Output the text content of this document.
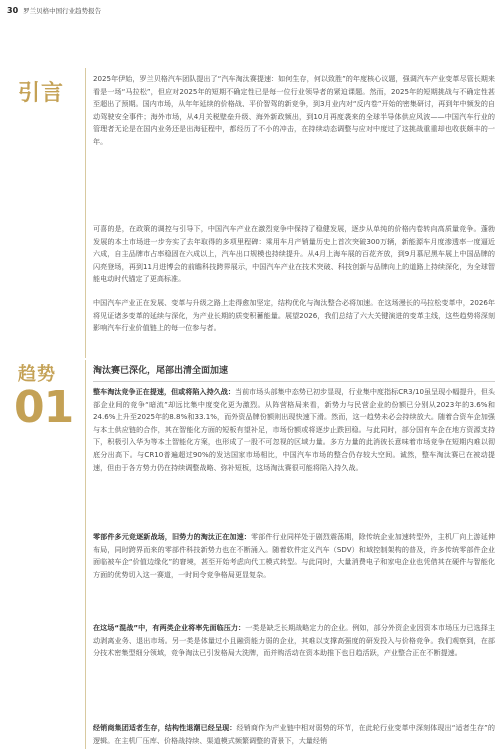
30 罗兰贝格中国行业趋势报告
引言
2025年伊始，罗兰贝格汽车团队提出了“汽车淘汰赛提速：如何生存，何以致胜”的年度核心议题，强调汽车产业变革尽管长期来看是一场“马拉松”，但应对2025年的短期不确定性已是每一位行业领导者的紧迫课题。然而，2025年的短期挑战与不确定性甚至超出了预期。国内市场，从年年延续的价格战、平价智驾的新竞争，到3月业内对“反内卷”开始的密集研讨，再到年中频发的自动驾驶安全事件；海外市场，从4月关税壁垒升级、海外新政频出，到10月再度袭来的全球半导体供应风波——中国汽车行业的管理者无论是在国内业务还是出海征程中，都经历了不小的冲击，在持续动态调整与应对中度过了这挑战重重却也收获颇丰的一年。
可喜的是，在政策的调控与引导下，中国汽车产业在激烈竞争中保持了稳健发展，逐步从单纯的价格内卷转向高质量竞争。蓬勃发展的本土市场进一步夯实了去年取得的多项里程碑：乘用车月产销量历史上首次突破300万辆，新能源车月度渗透率一度逼近六成，自主品牌市占率稳固在六成以上，汽车出口规模也持续提升。从4月上海车展的百花齐放，到9月慕尼黑车展上中国品牌的闪亮登场，再到11月进博会的前瞻科技跨界展示，中国汽车产业在技术突破、科技创新与品牌向上的道路上持续深化，为全球智能电动时代锚定了更高标准。
中国汽车产业正在发展、变革与升级之路上走得愈加坚定，结构优化与淘汰整合必将加速。在这场漫长的马拉松变革中，2026年将见证诸多变革的延续与深化，为产业长期的质变积蓄能量。展望2026，我们总结了六大关键演进的变革主线，这些趋势将深刻影响汽车行业价值链上的每一位参与者。
趋势
01
淘汰赛已深化，尾部出清全面加速
整车淘汰竞争正在提速，但或将陷入持久战：当前市场头部集中态势已初步显现，行业集中度指标CR3/10虽呈现小幅提升，但头部企业间的竞争“暗流”却远比集中度变化更为激烈。从阵营格局来看，新势力与民营企业的份额已分别从2023年的3.6%和24.6%上升至2025年的8.8%和33.1%，而外资品牌份额则出现快速下滑。然而，这一趋势未必会持续放大。随着合资车企加强与本土供应链的合作，其在智能化方面的短板有望补足，市场份额或将逐步止跌回稳。与此同时，部分国有车企在地方资源支持下，积极引入华为等本土智能化方案，也形成了一股不可忽视的区域力量。多方力量的此消彼长意味着市场竞争在短期内难以彻底分出高下。与CR10普遍超过90%的发达国家市场相比，中国汽车市场的整合仍存较大空间。诚然，整车淘汰赛已在被动提速，但由于各方势力仍在持续调整战略、弥补短板，这场淘汰赛很可能将陷入持久战。
零部件多元竞逐新战场，旧势力的淘汰正在加速：零部件行业同样处于剧烈震荡期，除传统企业加速转型外，主机厂向上游延伸布局，同时跨界而来的零部件科技新势力也在不断涌入。随着软件定义汽车（SDV）和域控制架构的普及，许多传统零部件企业面临被车企“价值边缘化”的窘境，甚至开始考虑向代工模式转型。与此同时，大量消费电子和家电企业也凭借其在硬件与智能化方面的优势切入这一赛道，一时间令竞争格局更显复杂。
在这场“混战”中，有两类企业将率先面临压力：一类是缺乏长期战略定力的企业。例如，部分外资企业因资本市场压力已选择主动剥离业务、退出市场。另一类是体量过小且融资能力弱的企业，其难以支撑高强度的研发投入与价格竞争。我们观察到，在部分技术密集型细分领域，竞争淘汰已引发格局大洗牌，而并购活动在资本助推下也日趋活跃，产业整合正在不断提速。
经销商集团适者生存，结构性退潮已经呈现：经销商作为产业链中相对弱势的环节，在此轮行业变革中深刻体现出“适者生存”的逻辑。在主机厂压库、价格战持续、渠道模式频繁调整的背景下，大量经销
